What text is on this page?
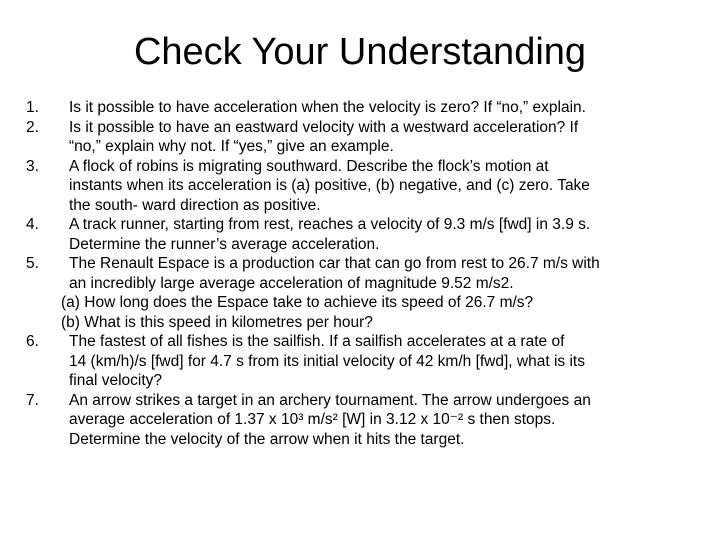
Check Your Understanding
1.	Is it possible to have acceleration when the velocity is zero? If “no,” explain.
2.	Is it possible to have an eastward velocity with a westward acceleration? If
“no,” explain why not. If “yes,” give an example.
3.	A flock of robins is migrating southward. Describe the flock’s motion at
instants when its acceleration is (a) positive, (b) negative, and (c) zero. Take
the south- ward direction as positive.
4.	A track runner, starting from rest, reaches a velocity of 9.3 m/s [fwd] in 3.9 s.
Determine the runner’s average acceleration.
5.	The Renault Espace is a production car that can go from rest to 26.7 m/s with
an incredibly large average acceleration of magnitude 9.52 m/s2.
(a) How long does the Espace take to achieve its speed of 26.7 m/s?
(b) What is this speed in kilometres per hour?
6.	The fastest of all fishes is the sailfish. If a sailfish accelerates at a rate of
14 (km/h)/s [fwd] for 4.7 s from its initial velocity of 42 km/h [fwd], what is its
final velocity?
7.	An arrow strikes a target in an archery tournament. The arrow undergoes an
average acceleration of 1.37 x 10³ m/s² [W] in 3.12 x 10⁻² s then stops.
Determine the velocity of the arrow when it hits the target.
